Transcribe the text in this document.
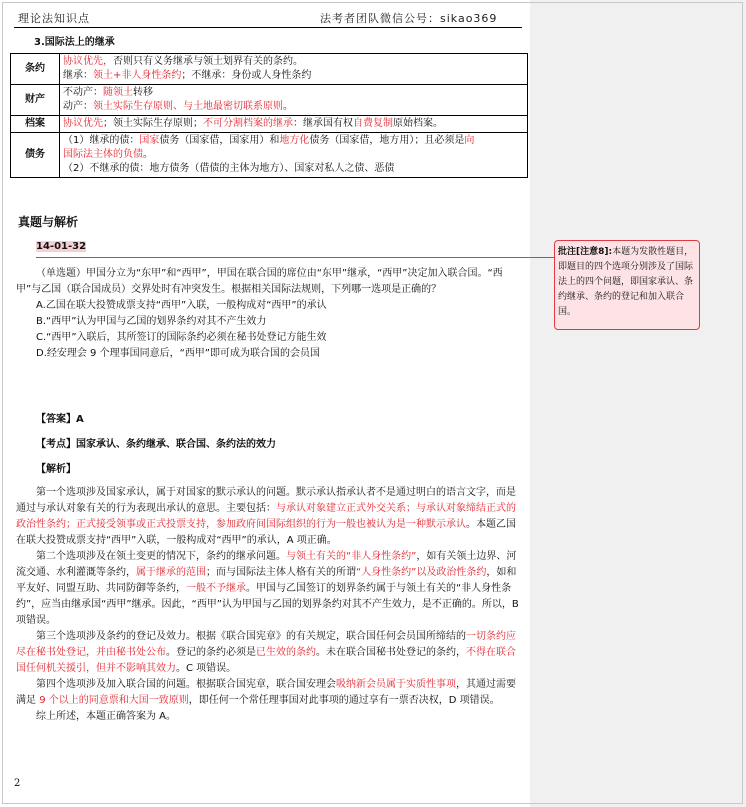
理论法知识点	法考者团队微信公号：sikao369
3.国际法上的继承
条约	协议优先，否则只有义务继承与领土划界有关的条约。
继承：领土+非人身性条约；不继承：身份或人身性条约

财产	不动产：随领土转移
动产：领土实际生存原则、与土地最密切联系原则。

档案	协议优先；领土实际生存原则；不可分割档案的继承：继承国有权自费复制原始档案。
债务	（1）继承的债：国家债务（国家借，国家用）和地方化债务（国家借，地方用）；且必须是向
国际法主体的负债。
（2）不继承的债：地方债务（借债的主体为地方）、国家对私人之债、恶债
真题与解析
14-01-32	批注[注意8]:本题为发散性题目，即题目的四个选项分别涉及了国际法上的四个问题，即国家承认、条约继承、条约的登记和加入联合国。

（单选题）甲国分立为“东甲”和“西甲”，甲国在联合国的席位由“东甲”继承，“西甲”决定加入联合国。“西甲”与乙国（联合国成员）交界处时有冲突发生。根据相关国际法规则，下列哪一选项是正确的？

A.乙国在联大投赞成票支持“西甲”入联，一般构成对“西甲”的承认

B.“西甲”认为甲国与乙国的划界条约对其不产生效力

C.“西甲”入联后，其所签订的国际条约必须在秘书处登记方能生效

D.经安理会 9 个理事国同意后，“西甲”即可成为联合国的会员国

【答案】A
【考点】国家承认、条约继承、联合国、条约法的效力
【解析】

第一个选项涉及国家承认，属于对国家的默示承认的问题。默示承认指承认者不是通过明白的语言文字，而是通过与承认对象有关的行为表现出承认的意思。主要包括：与承认对象建立正式外交关系；与承认对象缔结正式的政治性条约；正式接受领事或正式投票支持，参加政府间国际组织的行为一般也被认为是一种默示承认。本题乙国在联大投赞成票支持“西甲”入联，一般构成对“西甲”的承认，A 项正确。

第二个选项涉及在领土变更的情况下，条约的继承问题。与领土有关的“非人身性条约”，如有关领土边界、河流交通、水利灌溉等条约，属于继承的范围；而与国际法主体人格有关的所谓“人身性条约”以及政治性条约，如和平友好、同盟互助、共同防御等条约，一般不予继承。甲国与乙国签订的划界条约属于与领土有关的“非人身性条约”，应当由继承国“西甲”继承。因此，“西甲”认为甲国与乙国的划界条约对其不产生效力，是不正确的。所以，B 项错误。

第三个选项涉及条约的登记及效力。根据《联合国宪章》的有关规定，联合国任何会员国所缔结的一切条约应尽在秘书处登记，并由秘书处公布。登记的条约必须是已生效的条约。未在联合国秘书处登记的条约，不得在联合国任何机关援引，但并不影响其效力。C 项错误。

第四个选项涉及加入联合国的问题。根据联合国宪章，联合国安理会吸纳新会员属于实质性事项，其通过需要满足 9 个以上的同意票和大国一致原则，即任何一个常任理事国对此事项的通过享有一票否决权，D 项错误。

综上所述，本题正确答案为 A。

2
